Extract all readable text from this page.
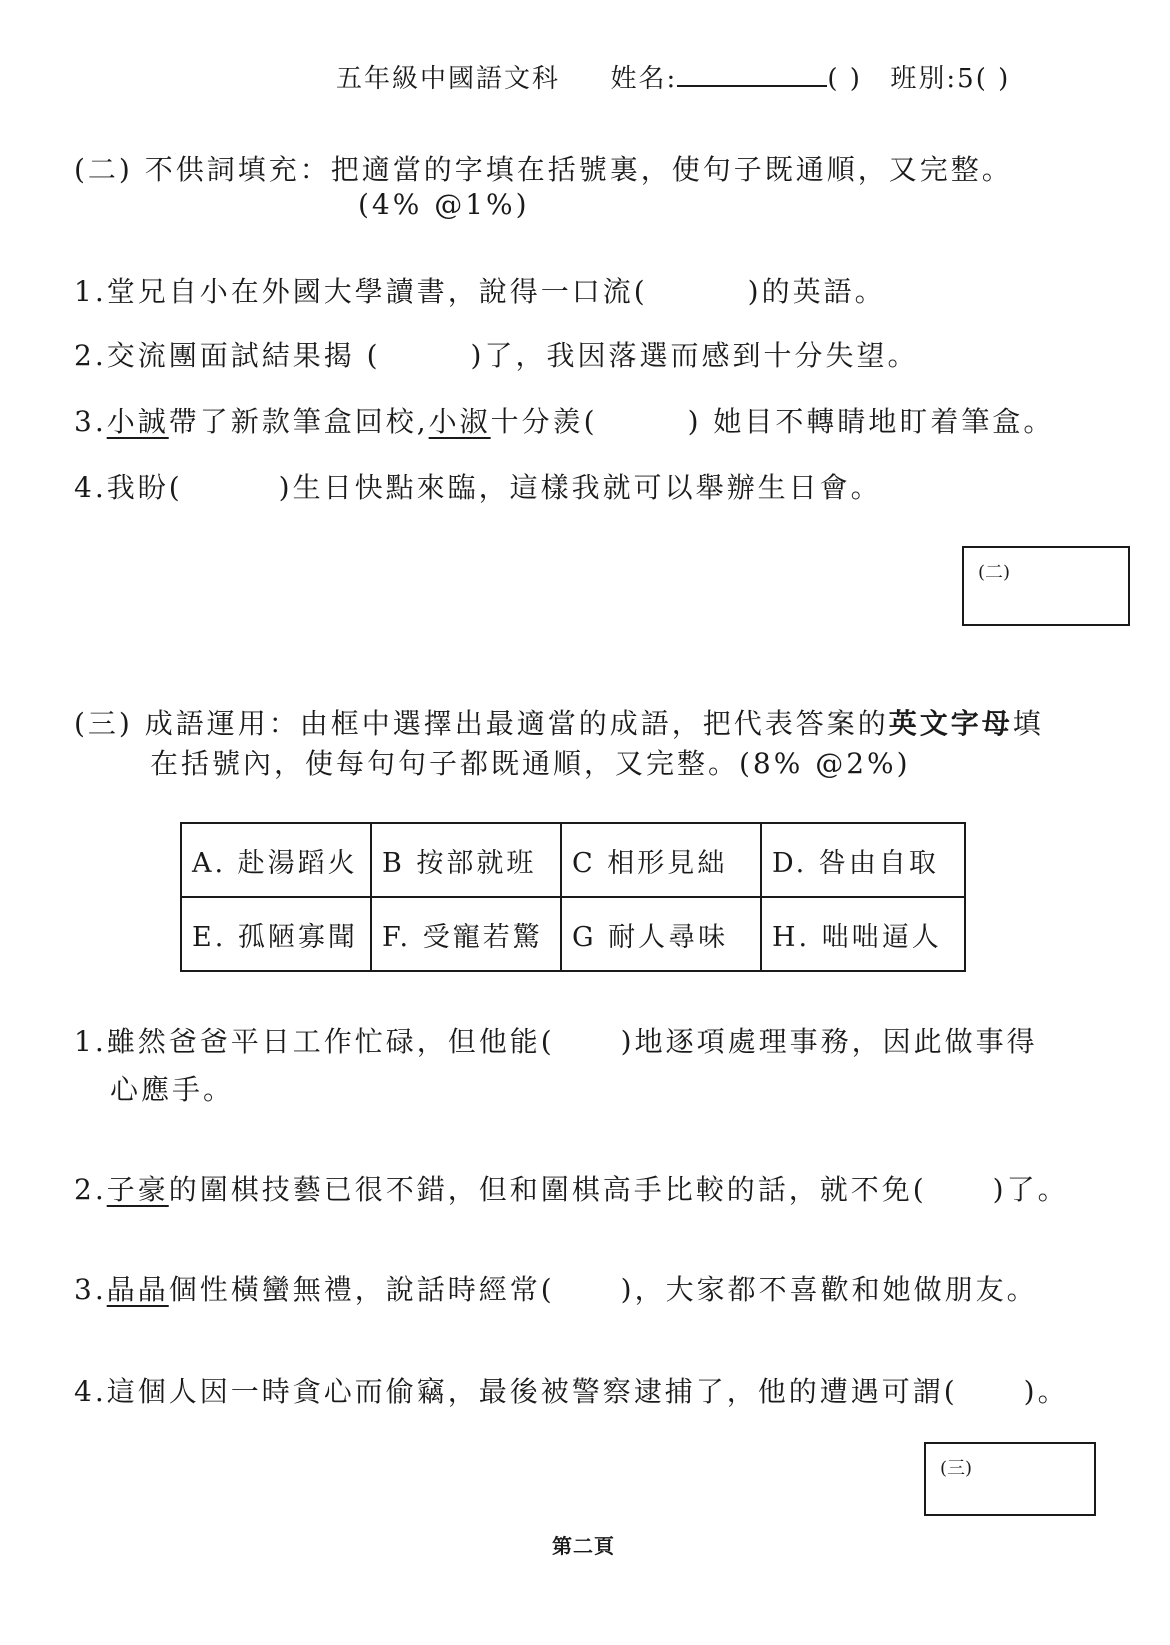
五年級中國語文科 姓名:	( ) 班別:5( )
(二) 不供詞填充：把適當的字填在括號裏，使句子既通順，又完整。
(4% @1%)
1.堂兄自小在外國大學讀書，說得一口流(	)的英語。
2.交流團面試結果揭 (	)了，我因落選而感到十分失望。
3.小誠帶了新款筆盒回校,小淑十分羨(	) 她目不轉睛地盯着筆盒。
4.我盼(	)生日快點來臨，這樣我就可以舉辦生日會。
(二)
(三) 成語運用：由框中選擇出最適當的成語，把代表答案的英文字母填
在括號內，使每句句子都既通順，又完整。(8% @2%)
A. 赴湯蹈火	B 按部就班	C 相形見絀	D. 咎由自取
E. 孤陋寡聞	F. 受寵若驚	G 耐人尋味	H. 咄咄逼人
1.雖然爸爸平日工作忙碌，但他能( )地逐項處理事務，因此做事得
心應手。
2.子豪的圍棋技藝已很不錯，但和圍棋高手比較的話，就不免( )了。
3.晶晶個性橫蠻無禮，說話時經常( )，大家都不喜歡和她做朋友。
4.這個人因一時貪心而偷竊，最後被警察逮捕了，他的遭遇可謂( )。
(三)
第二頁
